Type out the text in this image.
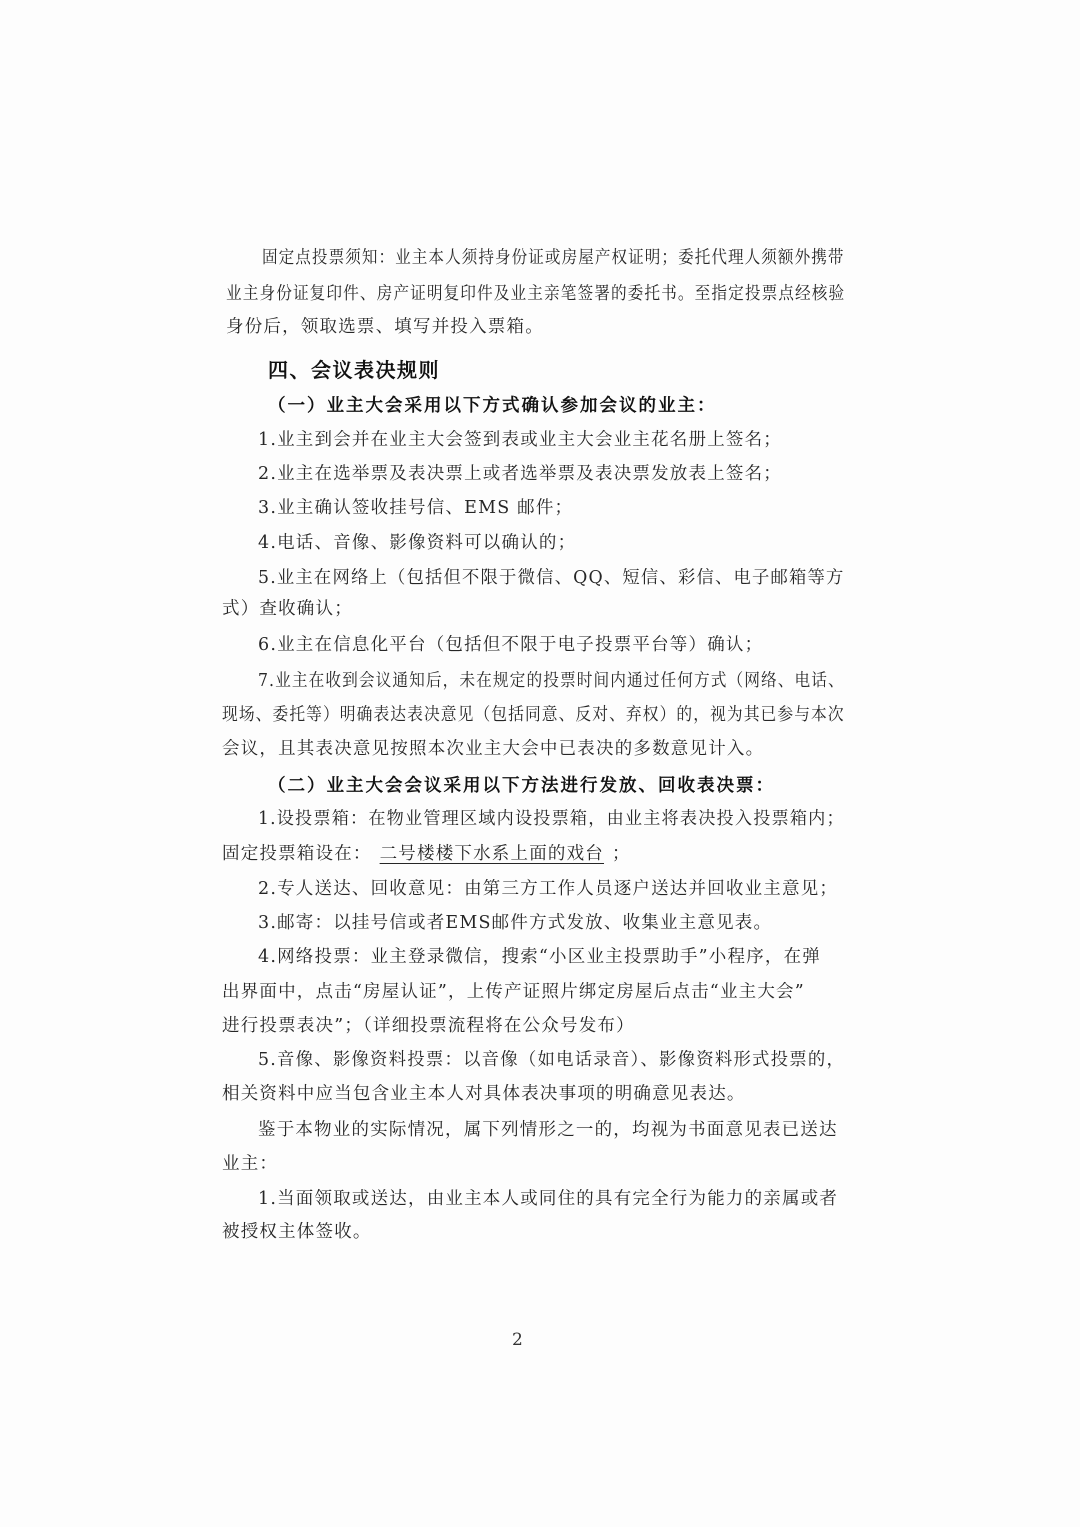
固定点投票须知：业主本人须持身份证或房屋产权证明；委托代理人须额外携带
业主身份证复印件、房产证明复印件及业主亲笔签署的委托书。至指定投票点经核验
身份后，领取选票、填写并投入票箱。
四、会议表决规则
（一）业主大会采用以下方式确认参加会议的业主：
1.业主到会并在业主大会签到表或业主大会业主花名册上签名；
2.业主在选举票及表决票上或者选举票及表决票发放表上签名；
3.业主确认签收挂号信、EMS 邮件；
4.电话、音像、影像资料可以确认的；
5.业主在网络上（包括但不限于微信、QQ、短信、彩信、电子邮箱等方
式）查收确认；
6.业主在信息化平台（包括但不限于电子投票平台等）确认；
7.业主在收到会议通知后，未在规定的投票时间内通过任何方式（网络、电话、
现场、委托等）明确表达表决意见（包括同意、反对、弃权）的，视为其已参与本次
会议，且其表决意见按照本次业主大会中已表决的多数意见计入。
（二）业主大会会议采用以下方法进行发放、回收表决票：
1.设投票箱：在物业管理区域内设投票箱，由业主将表决投入投票箱内；
固定投票箱设在： 二号楼楼下水系上面的戏台 ；
2.专人送达、回收意见：由第三方工作人员逐户送达并回收业主意见；
3.邮寄：以挂号信或者EMS邮件方式发放、收集业主意见表。
4.网络投票：业主登录微信，搜索“小区业主投票助手”小程序，在弹
出界面中，点击“房屋认证”，上传产证照片绑定房屋后点击“业主大会”
进行投票表决”；（详细投票流程将在公众号发布）
5.音像、影像资料投票：以音像（如电话录音）、影像资料形式投票的，
相关资料中应当包含业主本人对具体表决事项的明确意见表达。
鉴于本物业的实际情况，属下列情形之一的，均视为书面意见表已送达
业主：
1.当面领取或送达，由业主本人或同住的具有完全行为能力的亲属或者
被授权主体签收。
2
